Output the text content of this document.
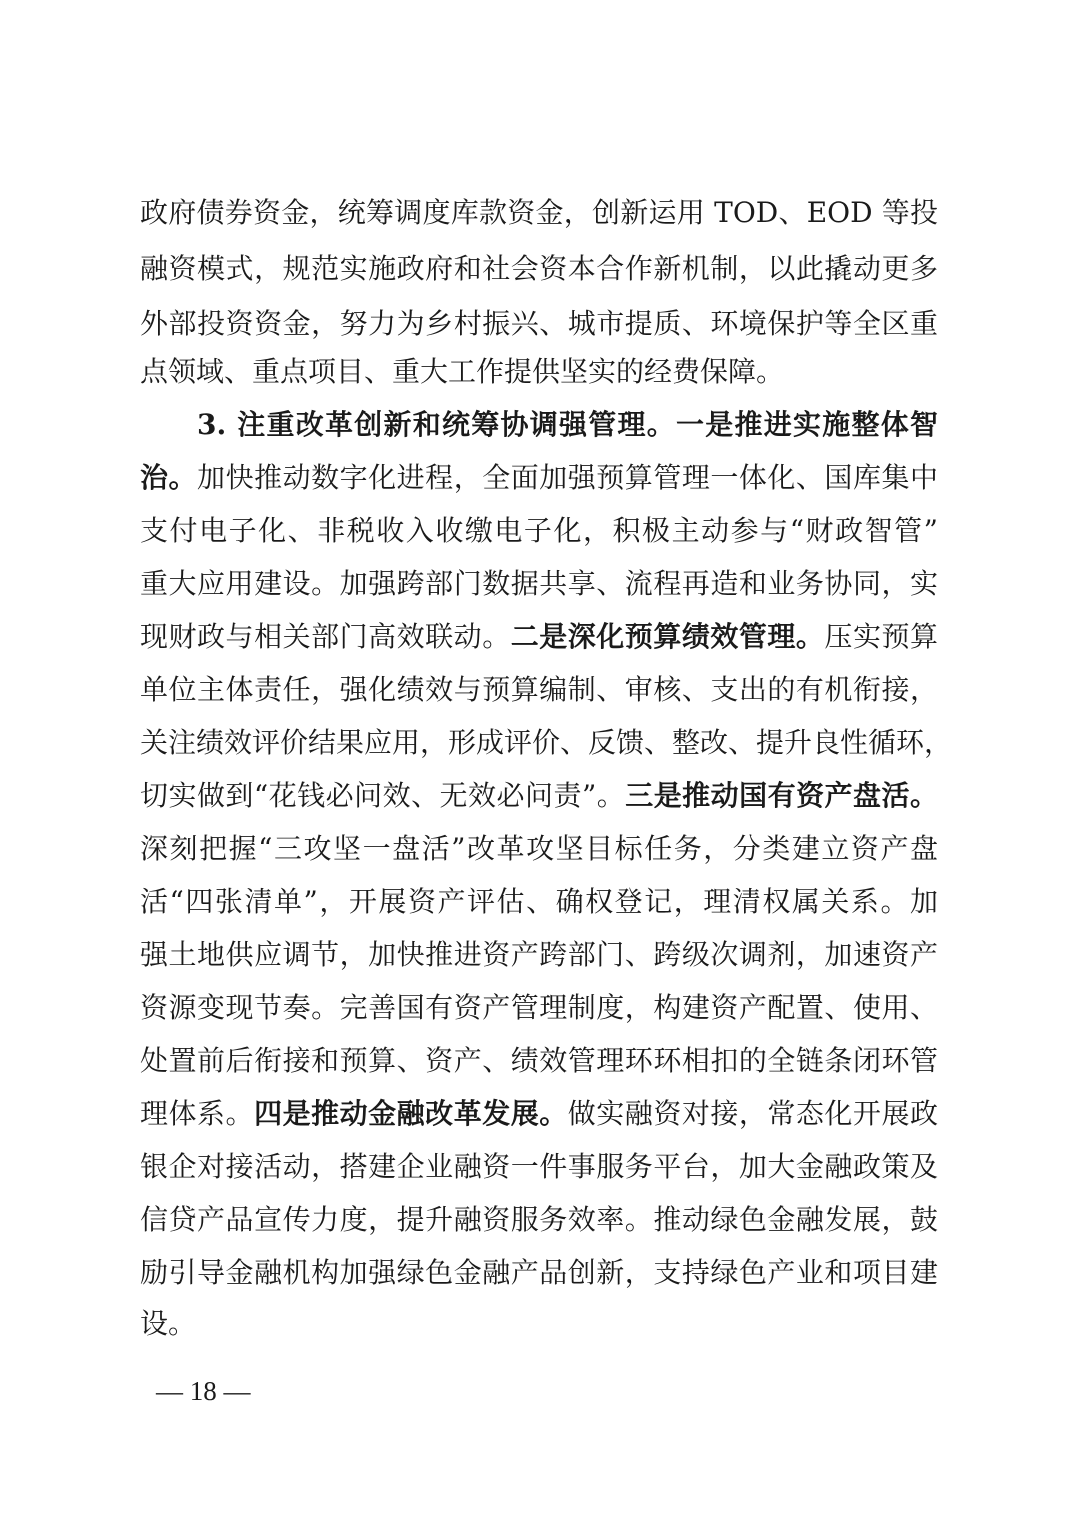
政府债券资金，统筹调度库款资金，创新运用 TOD、EOD 等投
融资模式，规范实施政府和社会资本合作新机制，以此撬动更多
外部投资资金，努力为乡村振兴、城市提质、环境保护等全区重
点领域、重点项目、重大工作提供坚实的经费保障。
3. 注重改革创新和统筹协调强管理。一是推进实施整体智
治。加快推动数字化进程，全面加强预算管理一体化、国库集中
支付电子化、非税收入收缴电子化，积极主动参与“财政智管”
重大应用建设。加强跨部门数据共享、流程再造和业务协同，实
现财政与相关部门高效联动。二是深化预算绩效管理。压实预算
单位主体责任，强化绩效与预算编制、审核、支出的有机衔接，
关注绩效评价结果应用，形成评价、反馈、整改、提升良性循环，
切实做到“花钱必问效、无效必问责”。三是推动国有资产盘活。
深刻把握“三攻坚一盘活”改革攻坚目标任务，分类建立资产盘
活“四张清单”，开展资产评估、确权登记，理清权属关系。加
强土地供应调节，加快推进资产跨部门、跨级次调剂，加速资产
资源变现节奏。完善国有资产管理制度，构建资产配置、使用、
处置前后衔接和预算、资产、绩效管理环环相扣的全链条闭环管
理体系。四是推动金融改革发展。做实融资对接，常态化开展政
银企对接活动，搭建企业融资一件事服务平台，加大金融政策及
信贷产品宣传力度，提升融资服务效率。推动绿色金融发展，鼓
励引导金融机构加强绿色金融产品创新，支持绿色产业和项目建
设。
— 18 —
